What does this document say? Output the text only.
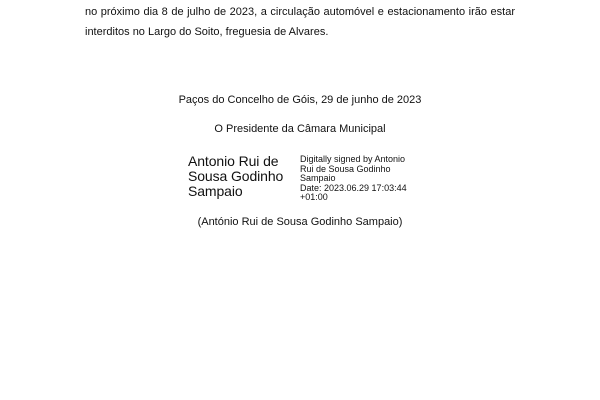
no próximo dia 8 de julho de 2023, a circulação automóvel e estacionamento irão estar
interditos no Largo do Soito, freguesia de Alvares.

Paços do Concelho de Góis, 29 de junho de 2023

O Presidente da Câmara Municipal

Antonio Rui de
Sousa Godinho
Sampaio
Digitally signed by Antonio
Rui de Sousa Godinho
Sampaio
Date: 2023.06.29 17:03:44
+01:00

(António Rui de Sousa Godinho Sampaio)
